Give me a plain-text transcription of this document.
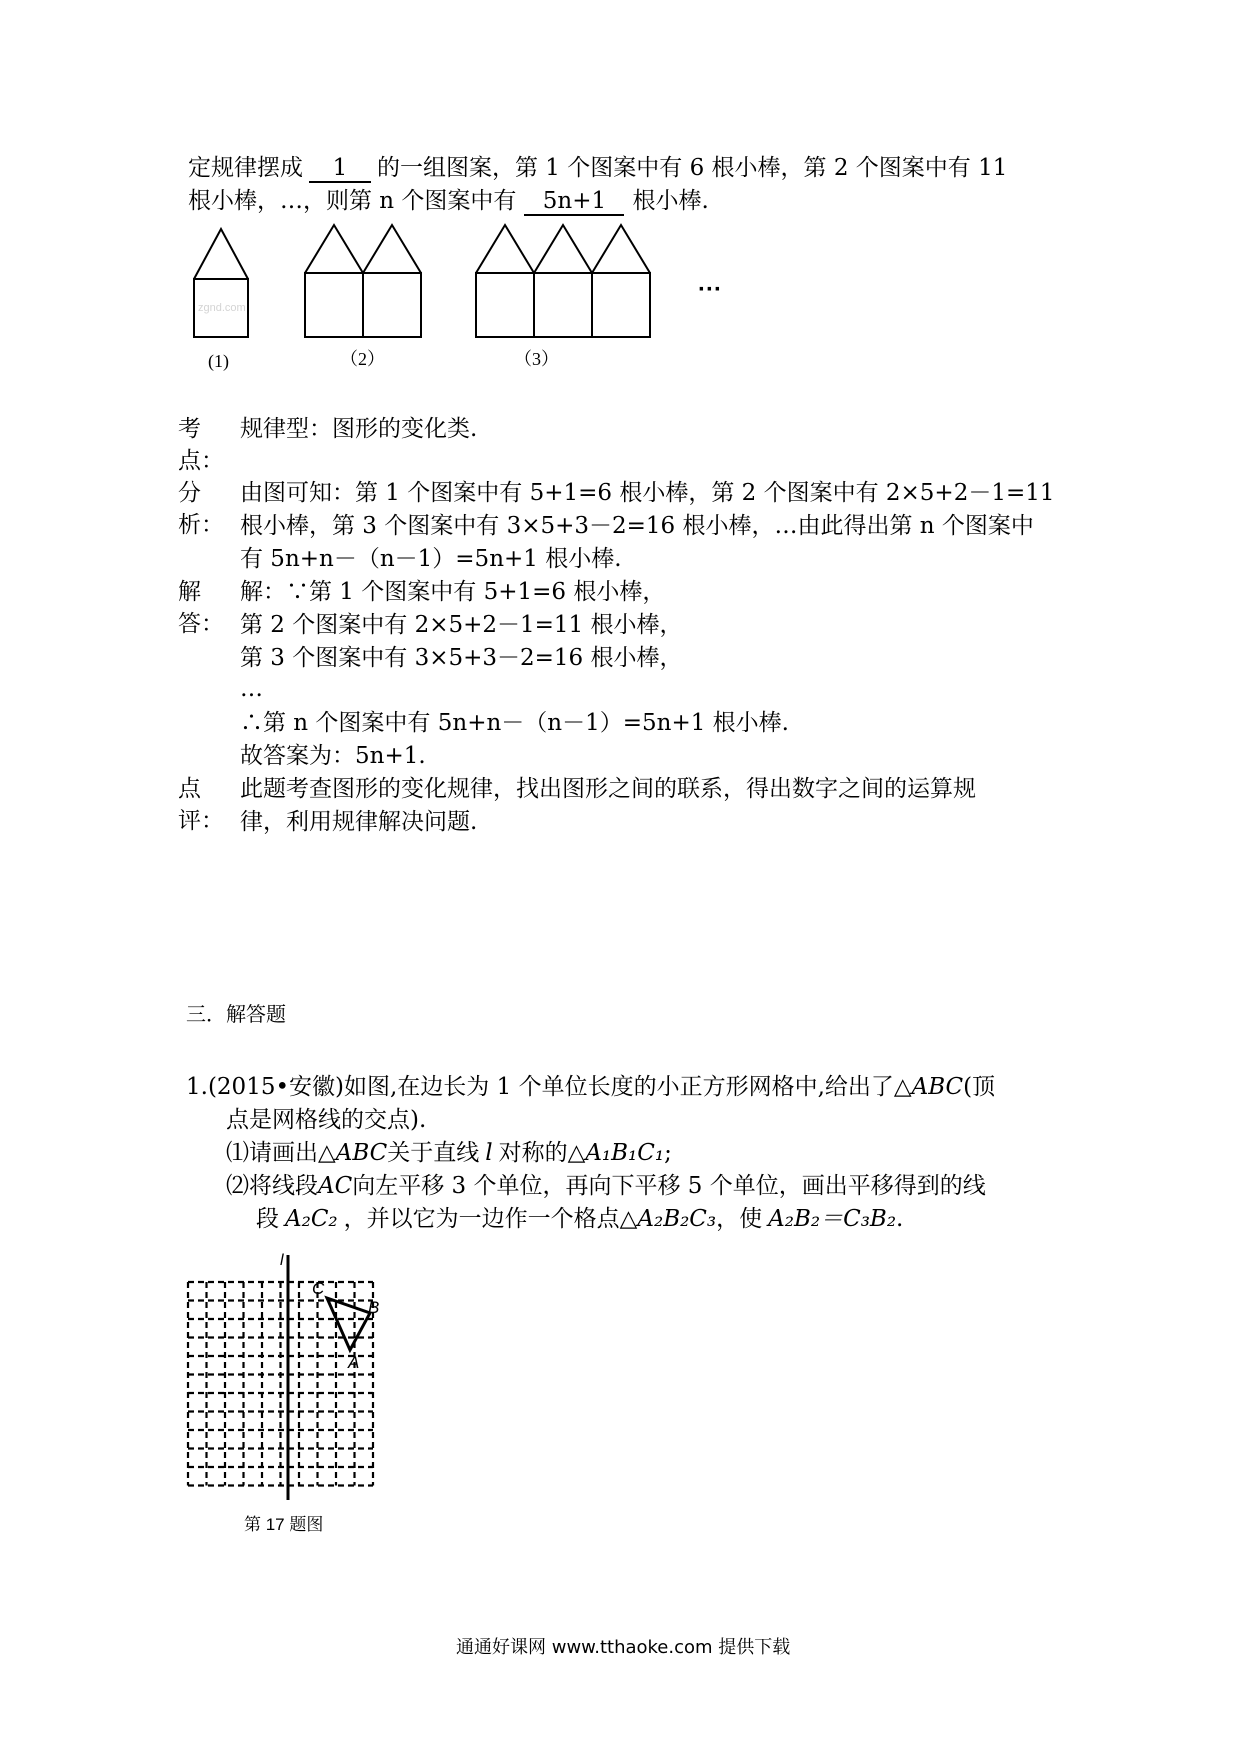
定规律摆成 1 的一组图案，第 1 个图案中有 6 根小棒，第 2 个图案中有 11
根小棒，…，则第 n 个图案中有 5n+1 根小棒.
zgnd.com
···
(1)	（2）	（3）
考
点：
规律型：图形的变化类.
分
析：
由图可知：第 1 个图案中有 5+1=6 根小棒，第 2 个图案中有 2×5+2－1=11
根小棒，第 3 个图案中有 3×5+3－2=16 根小棒，…由此得出第 n 个图案中
有 5n+n－（n－1）=5n+1 根小棒.
解
答：
解：∵第 1 个图案中有 5+1=6 根小棒，
第 2 个图案中有 2×5+2－1=11 根小棒，
第 3 个图案中有 3×5+3－2=16 根小棒，
…
∴第 n 个图案中有 5n+n－（n－1）=5n+1 根小棒.
故答案为：5n+1.
点
评：
此题考查图形的变化规律，找出图形之间的联系，得出数字之间的运算规
律，利用规律解决问题.
三．解答题
1.(2015•安徽)如图,在边长为 1 个单位长度的小正方形网格中,给出了△ABC(顶
点是网格线的交点).
⑴请画出△ABC关于直线 l 对称的△A₁B₁C₁;
⑵将线段AC向左平移 3 个单位，再向下平移 5 个单位，画出平移得到的线
段 A₂C₂ ，并以它为一边作一个格点△A₂B₂C₃，使 A₂B₂＝C₃B₂.
l
C
B
A
第 17 题图
通通好课网 www.tthaoke.com 提供下载
